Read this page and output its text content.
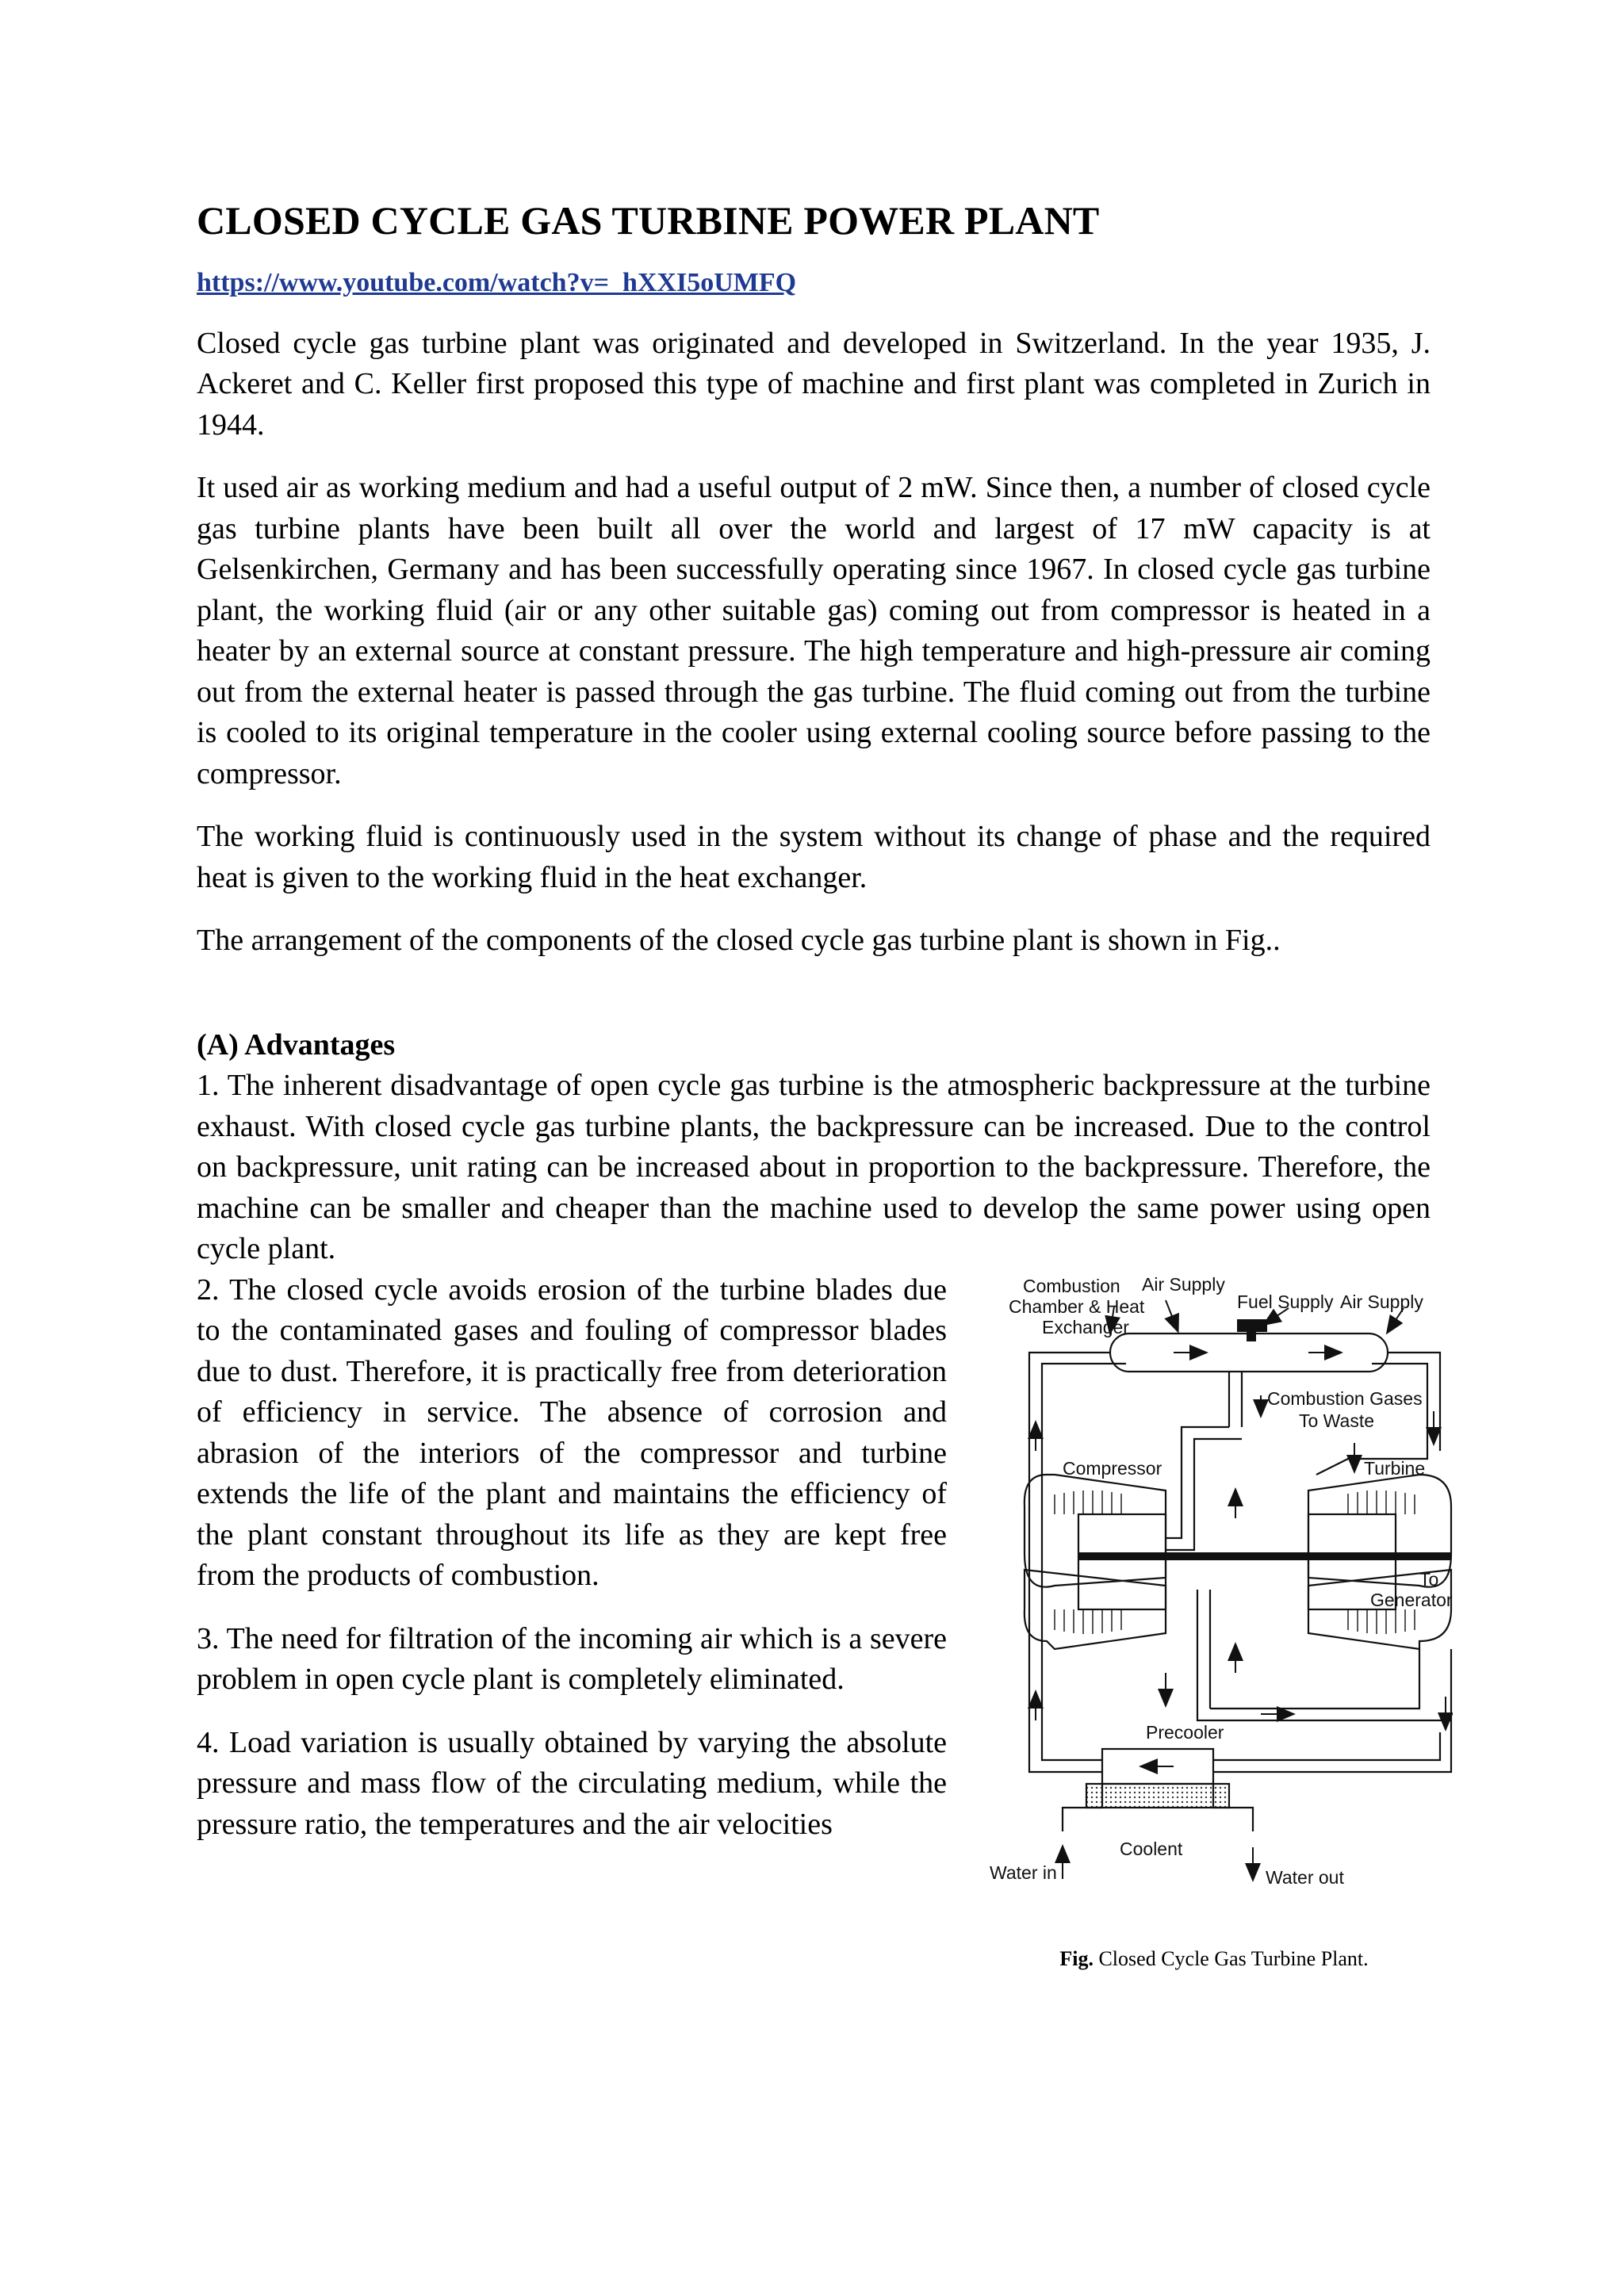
CLOSED CYCLE GAS TURBINE POWER PLANT
https://www.youtube.com/watch?v=_hXXI5oUMFQ

Closed cycle gas turbine plant was originated and developed in Switzerland. In the year 1935, J. Ackeret and C. Keller first proposed this type of machine and first plant was completed in Zurich in 1944.

It used air as working medium and had a useful output of 2 mW. Since then, a number of closed cycle gas turbine plants have been built all over the world and largest of 17 mW capacity is at Gelsenkirchen, Germany and has been successfully operating since 1967. In closed cycle gas turbine plant, the working fluid (air or any other suitable gas) coming out from compressor is heated in a heater by an external source at constant pressure. The high temperature and high-pressure air coming out from the external heater is passed through the gas turbine. The fluid coming out from the turbine is cooled to its original temperature in the cooler using external cooling source before passing to the compressor.

The working fluid is continuously used in the system without its change of phase and the required heat is given to the working fluid in the heat exchanger.

The arrangement of the components of the closed cycle gas turbine plant is shown in Fig..

(A) Advantages

1. The inherent disadvantage of open cycle gas turbine is the atmospheric backpressure at the turbine exhaust. With closed cycle gas turbine plants, the backpressure can be increased. Due to the control on backpressure, unit rating can be increased about in proportion to the backpressure. Therefore, the machine can be smaller and cheaper than the machine used to develop the same power using open cycle plant.

Combustion
Chamber & Heat
Exchanger
Air Supply
Fuel Supply Air Supply
Combustion Gases
To Waste
Compressor	Turbine
To
Generator
Precooler
Coolent
Water in	Water out
Fig. Closed Cycle Gas Turbine Plant.

2. The closed cycle avoids erosion of the turbine blades due to the contaminated gases and fouling of compressor blades due to dust. Therefore, it is practically free from deterioration of efficiency in service. The absence of corrosion and abrasion of the interiors of the compressor and turbine extends the life of the plant and maintains the efficiency of the plant constant throughout its life as they are kept free from the products of combustion.

3. The need for filtration of the incoming air which is a severe problem in open cycle plant is completely eliminated.

4. Load variation is usually obtained by varying the absolute pressure and mass flow of the circulating medium, while the pressure ratio, the temperatures and the air velocities
